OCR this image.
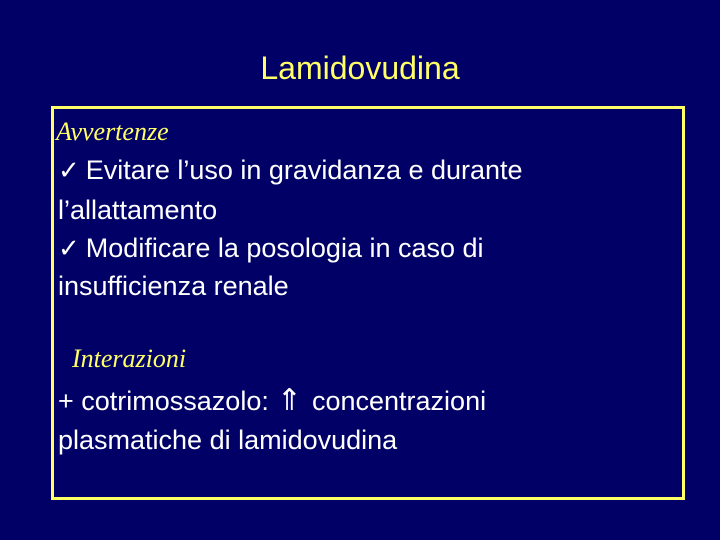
Lamidovudina
Avvertenze
✓ Evitare l’uso in gravidanza e durante
l’allattamento
✓ Modificare la posologia in caso di
insufficienza renale
Interazioni
+ cotrimossazolo: ⇑ concentrazioni
plasmatiche di lamidovudina
